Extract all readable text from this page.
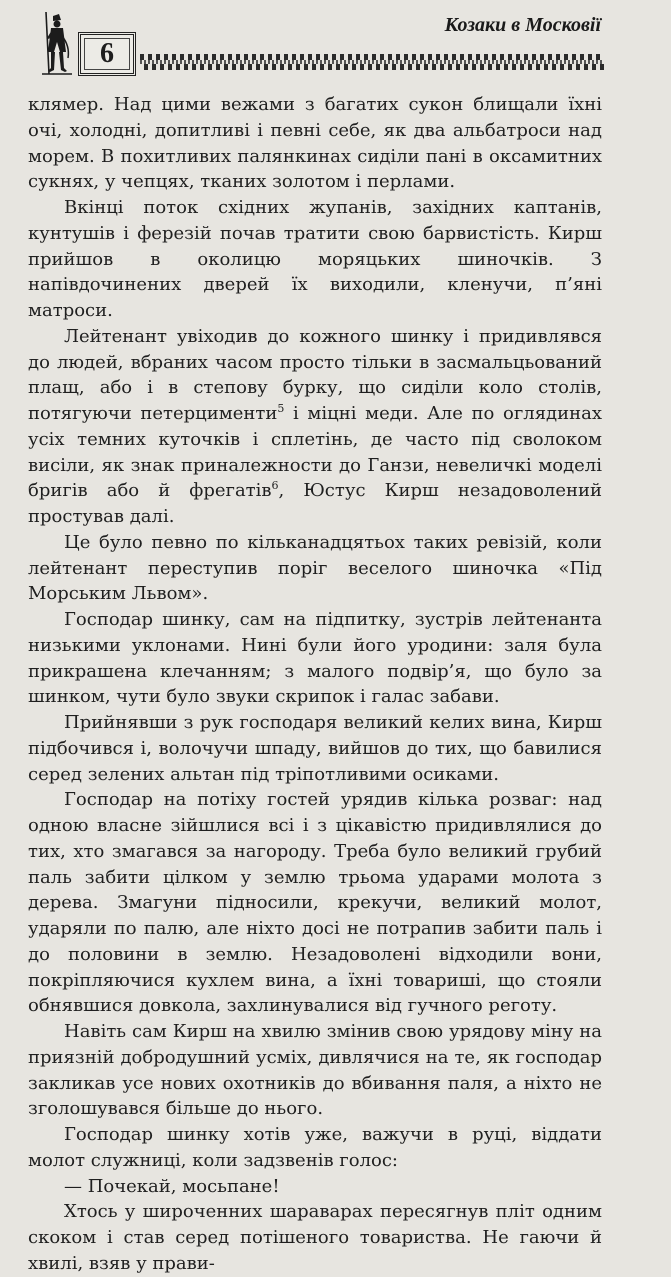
6
Козаки в Московії

клямер. Над цими вежами з багатих сукон блищали їхні очі, холодні, допитливі і певні себе, як два альбатроси над морем. В похитливих палянкинах сиділи пані в оксамитних сукнях, у чепцях, тканих золотом і перлами.

Вкінці поток східних жупанів, західних каптанів, кунтушів і ферезій почав тратити свою барвистість. Кирш прийшов в околицю моряцьких шиночків. З напівдочинених дверей їх виходили, кленучи, п’яні матроси.

Лейтенант увіходив до кожного шинку і придивлявся до людей, вбраних часом просто тільки в засмальцьований плащ, або і в степову бурку, що сиділи коло столів, потягуючи петерцименти$^5$ і міцні меди. Але по оглядинах усіх темних куточків і сплетінь, де часто під сволоком висіли, як знак приналежности до Ганзи, невеличкі моделі бригів або й фрегатів$^6$, Юстус Кирш незадоволений простував далі.

Це було певно по кільканадцятьох таких ревізій, коли лейтенант переступив поріг веселого шиночка «Під Морським Львом».

Господар шинку, сам на підпитку, зустрів лейтенанта низькими уклонами. Нині були його уродини: заля була прикрашена клечанням; з малого подвір’я, що було за шинком, чути було звуки скрипок і галас забави.

Прийнявши з рук господаря великий келих вина, Кирш підбочився і, волочучи шпаду, вийшов до тих, що бавилися серед зелених альтан під тріпотливими осиками.

Господар на потіху гостей урядив кілька розваг: над одною власне зійшлися всі і з цікавістю придивлялися до тих, хто змагався за нагороду. Треба було великий грубий паль забити цілком у землю трьома ударами молота з дерева. Змагуни підносили, крекучи, великий молот, ударяли по палю, але ніхто досі не потрапив забити паль і до половини в землю. Незадоволені відходили вони, покріпляючися кухлем вина, а їхні товариші, що стояли обнявшися довкола, захлинувалися від гучного реготу.

Навіть сам Кирш на хвилю змінив свою урядову міну на приязній добродушний усміх, дивлячися на те, як господар закликав усе нових охотників до вбивання паля, а ніхто не зголошувався більше до нього.

Господар шинку хотів уже, важучи в руці, віддати молот служниці, коли задзвенів голос:

— Почекай, мосьпане!

Хтось у широченних шараварах пересягнув пліт одним скоком і став серед потішеного товариства. Не гаючи й хвилі, взяв у прави-
